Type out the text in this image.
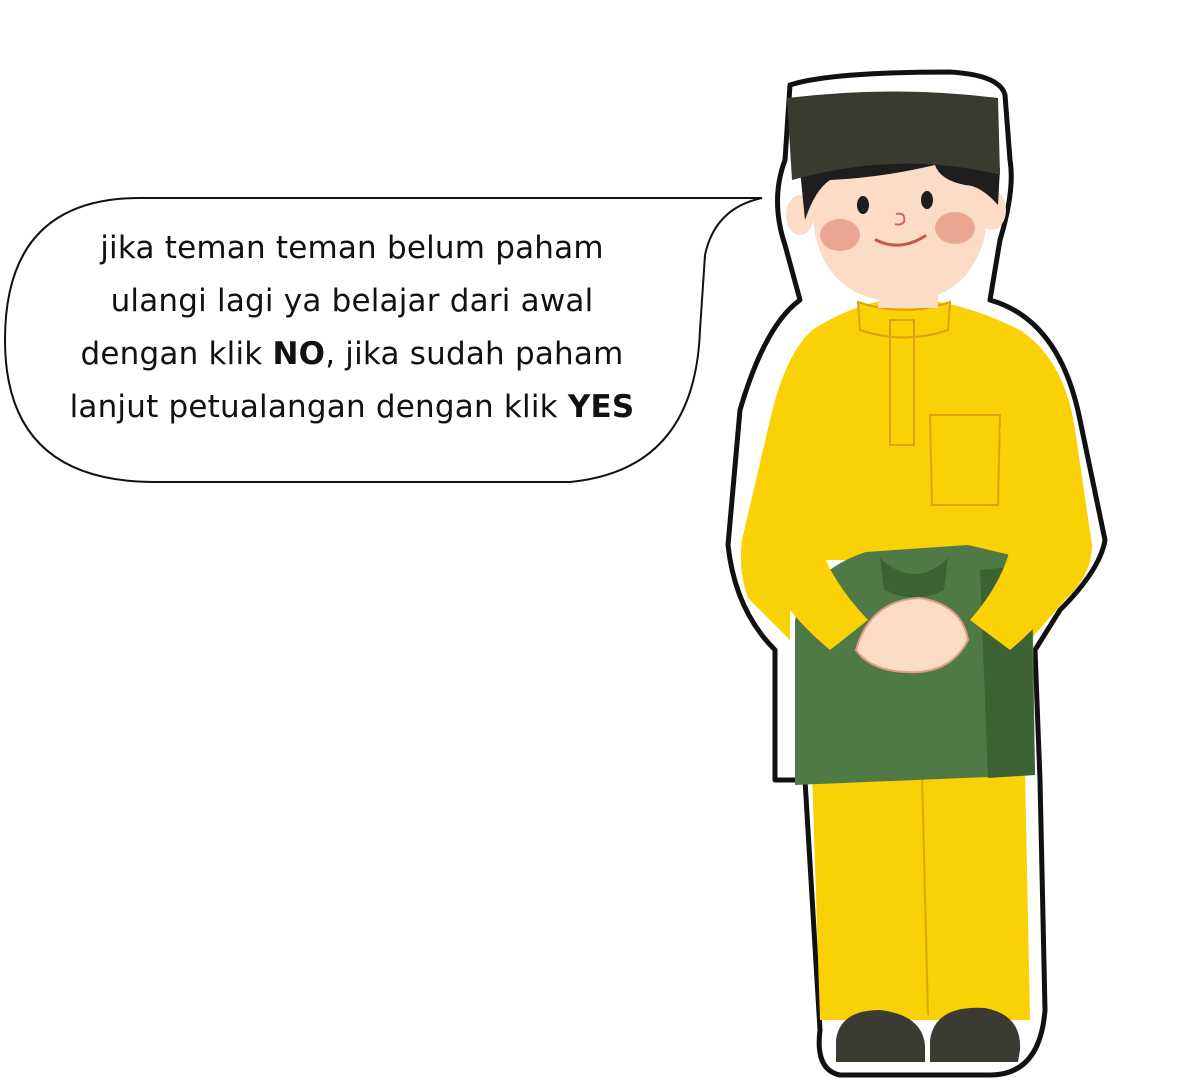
jika teman teman belum paham
ulangi lagi ya belajar dari awal
dengan klik NO, jika sudah paham
lanjut petualangan dengan klik YES
